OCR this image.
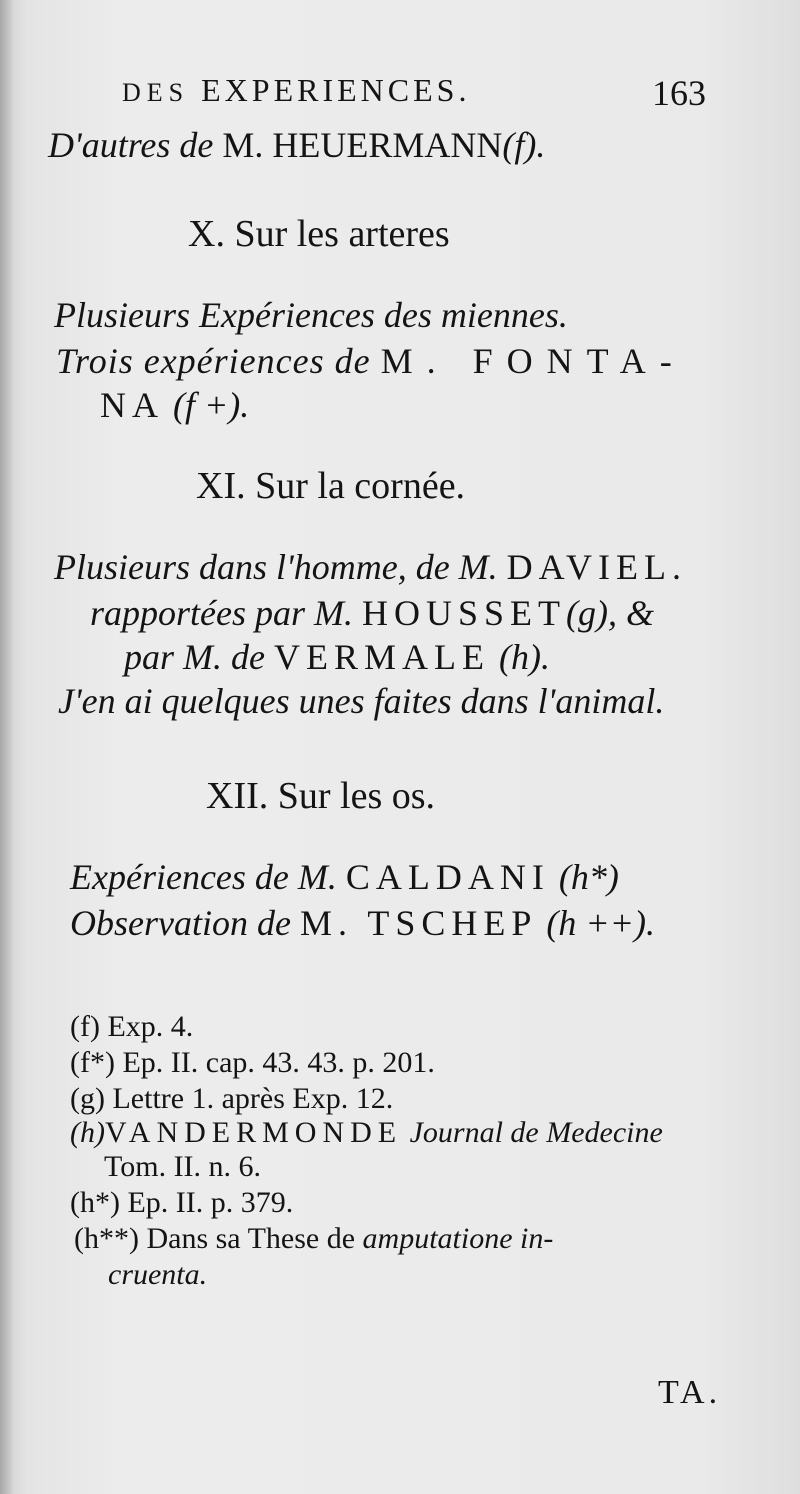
DES EXPERIENCES.	163
D'autres de M. HEUERMANN(f).
X. Sur les arteres
Plusieurs Expériences des miennes.
Trois expériences de M. FONTA-
NA (f +).
XI. Sur la cornée.
Plusieurs dans l'homme, de M. DAVIEL.
rapportées par M. HOUSSET(g), &
par M. de VERMALE (h).
J'en ai quelques unes faites dans l'animal.
XII. Sur les os.
Expériences de M. CALDANI (h*)
Observation de M. TSCHEP (h ++).
(f) Exp. 4.
(f*) Ep. II. cap. 43. 43. p. 201.
(g) Lettre 1. après Exp. 12.
(h)VANDERMONDE Journal de Medecine
Tom. II. n. 6.
(h*) Ep. II. p. 379.
(h**) Dans sa These de amputatione in-
cruenta.
TA.
